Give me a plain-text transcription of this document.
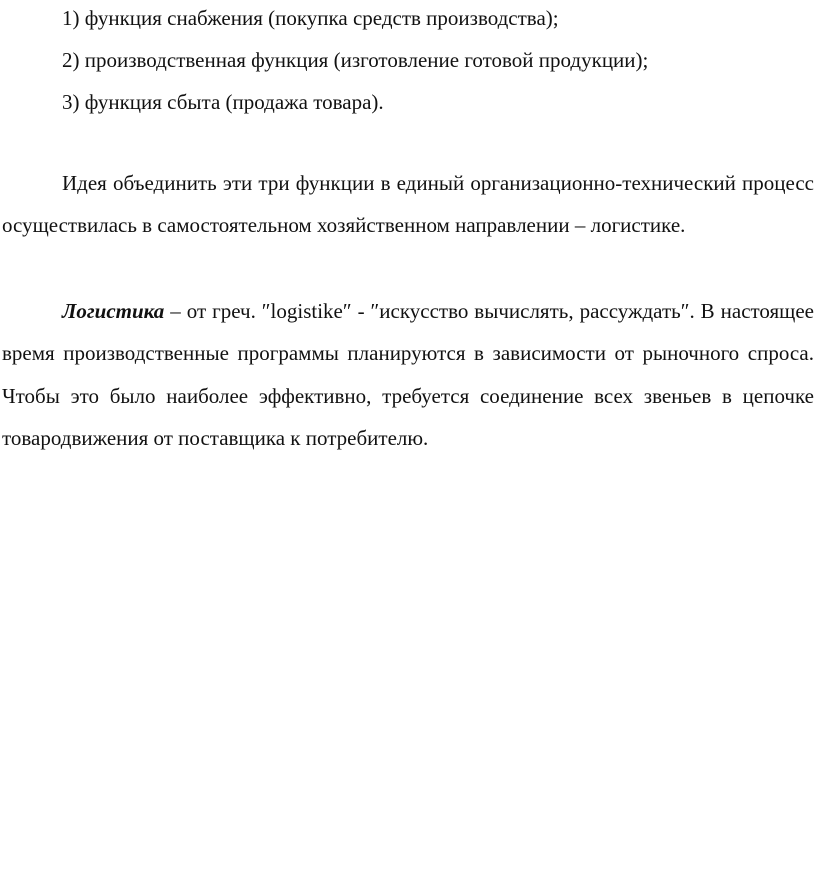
1) функция снабжения (покупка средств производства);
2) производственная функция (изготовление готовой продукции);
3) функция сбыта (продажа товара).

Идея объединить эти три функции в единый организационно-технический процесс осуществилась в самостоятельном хозяйственном направлении – логистике.

Логистика – от греч. ″logistike″ - ″искусство вычислять, рассуждать″. В настоящее время производственные программы планируются в зависимости от рыночного спроса. Чтобы это было наиболее эффективно, требуется соединение всех звеньев в цепочке товародвижения от поставщика к потребителю.
